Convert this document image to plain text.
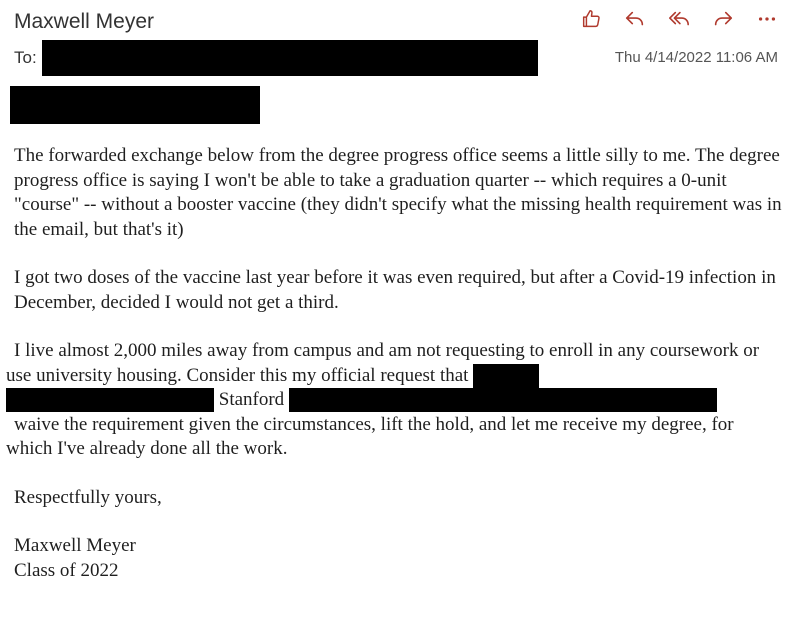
Maxwell Meyer
To:	Thu 4/14/2022 11:06 AM

The forwarded exchange below from the degree progress office seems a little silly to me. The degree progress office is saying I won't be able to take a graduation quarter -- which requires a 0-unit "course" -- without a booster vaccine (they didn't specify what the missing health requirement was in the email, but that's it)

I got two doses of the vaccine last year before it was even required, but after a Covid-19 infection in December, decided I would not get a third.

I live almost 2,000 miles away from campus and am not requesting to enroll in any coursework or use university housing. Consider this my official request that
Stanford
waive the requirement given the circumstances, lift the hold, and let me receive my degree, for which I've already done all the work.

Respectfully yours,

Maxwell Meyer

Class of 2022
